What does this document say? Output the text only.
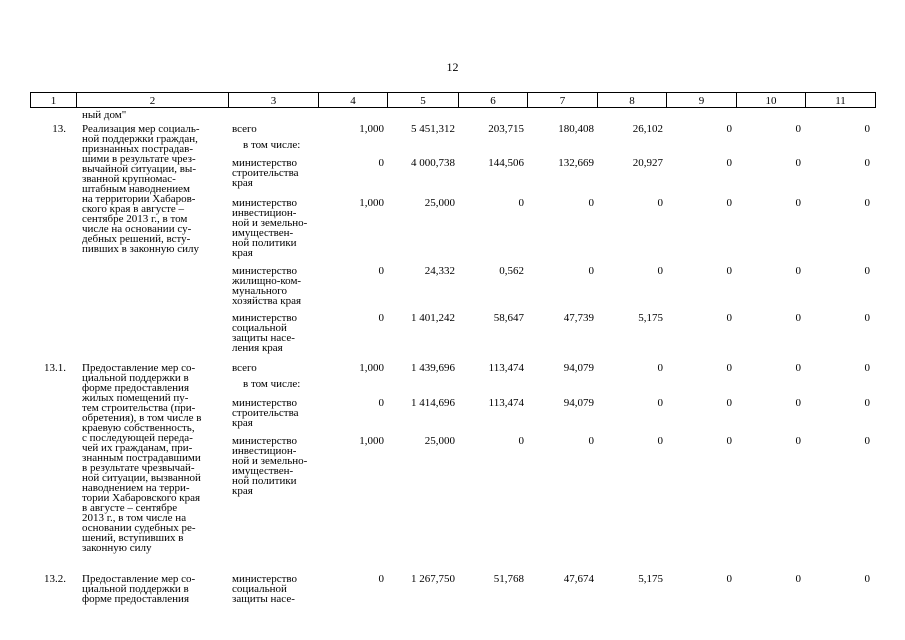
12
1	2	3	4	5	6	7	8	9	10	11
ный дом"
13. Реализация мер социаль-
ной поддержки граждан,
признанных пострадав-
шими в результате чрез-
вычайной ситуации, вы-
званной крупномас-
штабным наводнением
на территории Хабаров-
ского края в августе –
сентябре 2013 г., в том
числе на основании су-
дебных решений, всту-
пивших в законную силу
всего	1,000	5 451,312	203,715	180,408	26,102	0	0	0
в том числе:
министерство
строительства
края
0	4 000,738	144,506	132,669	20,927	0	0	0
министерство
инвестицион-
ной и земельно-
имуществен-
ной политики
края
1,000	25,000	0	0	0	0	0	0
министерство
жилищно-ком-
мунального
хозяйства края
0	24,332	0,562	0	0	0	0	0
министерство
социальной
защиты насе-
ления края
0	1 401,242	58,647	47,739	5,175	0	0	0
13.1. Предоставление мер со-
циальной поддержки в
форме предоставления
жилых помещений пу-
тем строительства (при-
обретения), в том числе в
краевую собственность,
с последующей переда-
чей их гражданам, при-
знанным пострадавшими
в результате чрезвычай-
ной ситуации, вызванной
наводнением на терри-
тории Хабаровского края
в августе – сентябре
2013 г., в том числе на
основании судебных ре-
шений, вступивших в
законную силу
всего	1,000	1 439,696	113,474	94,079	0	0	0	0
в том числе:
министерство
строительства
края
0	1 414,696	113,474	94,079	0	0	0	0
министерство
инвестицион-
ной и земельно-
имуществен-
ной политики
края
1,000	25,000	0	0	0	0	0	0
13.2. Предоставление мер со-
циальной поддержки в
форме предоставления
министерство
социальной
защиты насе-
0	1 267,750	51,768	47,674	5,175	0	0	0
